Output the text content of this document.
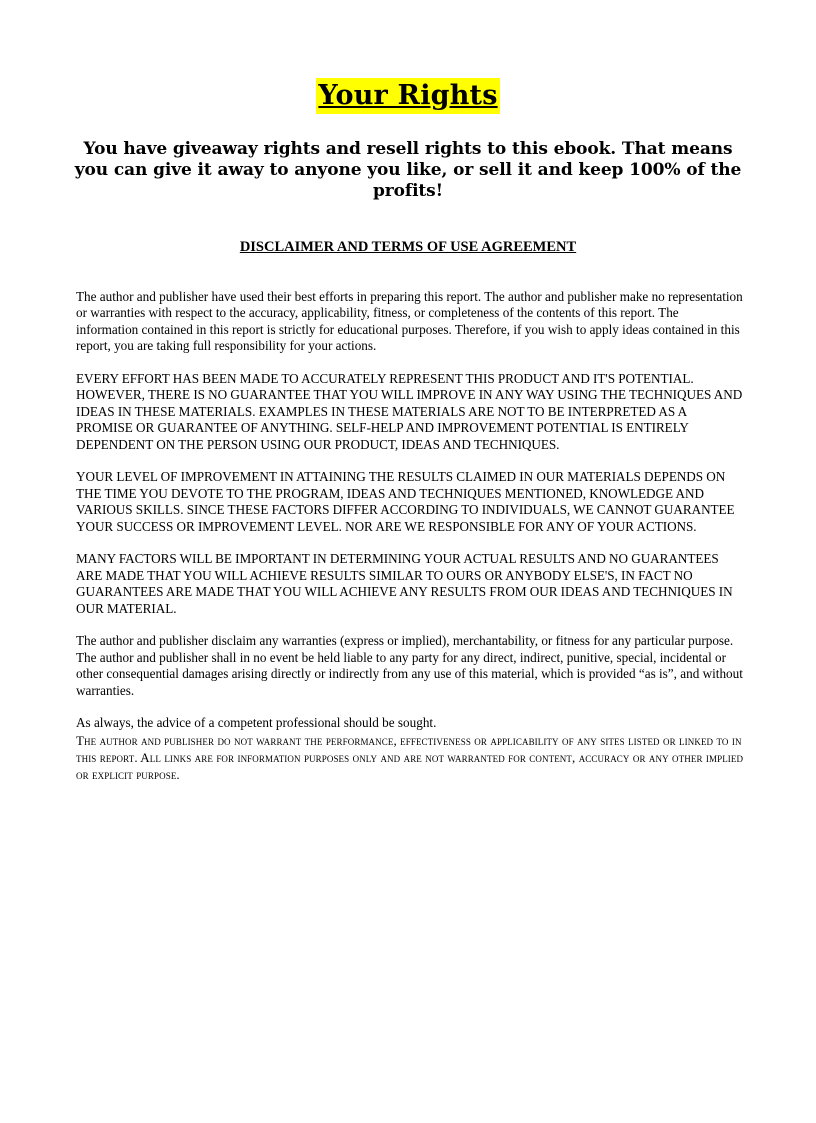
Your Rights

You have giveaway rights and resell rights to this ebook. That means you can give it away to anyone you like, or sell it and keep 100% of the profits!

DISCLAIMER AND TERMS OF USE AGREEMENT

The author and publisher have used their best efforts in preparing this report. The author and publisher make no representation or warranties with respect to the accuracy, applicability, fitness, or completeness of the contents of this report. The information contained in this report is strictly for educational purposes. Therefore, if you wish to apply ideas contained in this report, you are taking full responsibility for your actions.

EVERY EFFORT HAS BEEN MADE TO ACCURATELY REPRESENT THIS PRODUCT AND IT'S POTENTIAL. HOWEVER, THERE IS NO GUARANTEE THAT YOU WILL IMPROVE IN ANY WAY USING THE TECHNIQUES AND IDEAS IN THESE MATERIALS. EXAMPLES IN THESE MATERIALS ARE NOT TO BE INTERPRETED AS A PROMISE OR GUARANTEE OF ANYTHING. SELF-HELP AND IMPROVEMENT POTENTIAL IS ENTIRELY DEPENDENT ON THE PERSON USING OUR PRODUCT, IDEAS AND TECHNIQUES.

YOUR LEVEL OF IMPROVEMENT IN ATTAINING THE RESULTS CLAIMED IN OUR MATERIALS DEPENDS ON THE TIME YOU DEVOTE TO THE PROGRAM, IDEAS AND TECHNIQUES MENTIONED, KNOWLEDGE AND VARIOUS SKILLS. SINCE THESE FACTORS DIFFER ACCORDING TO INDIVIDUALS, WE CANNOT GUARANTEE YOUR SUCCESS OR IMPROVEMENT LEVEL. NOR ARE WE RESPONSIBLE FOR ANY OF YOUR ACTIONS.

MANY FACTORS WILL BE IMPORTANT IN DETERMINING YOUR ACTUAL RESULTS AND NO GUARANTEES ARE MADE THAT YOU WILL ACHIEVE RESULTS SIMILAR TO OURS OR ANYBODY ELSE'S, IN FACT NO GUARANTEES ARE MADE THAT YOU WILL ACHIEVE ANY RESULTS FROM OUR IDEAS AND TECHNIQUES IN OUR MATERIAL.

The author and publisher disclaim any warranties (express or implied), merchantability, or fitness for any particular purpose. The author and publisher shall in no event be held liable to any party for any direct, indirect, punitive, special, incidental or other consequential damages arising directly or indirectly from any use of this material, which is provided “as is”, and without warranties.

As always, the advice of a competent professional should be sought.

The author and publisher do not warrant the performance, effectiveness or applicability of any sites listed or linked to in this report. All links are for information purposes only and are not warranted for content, accuracy or any other implied or explicit purpose.
